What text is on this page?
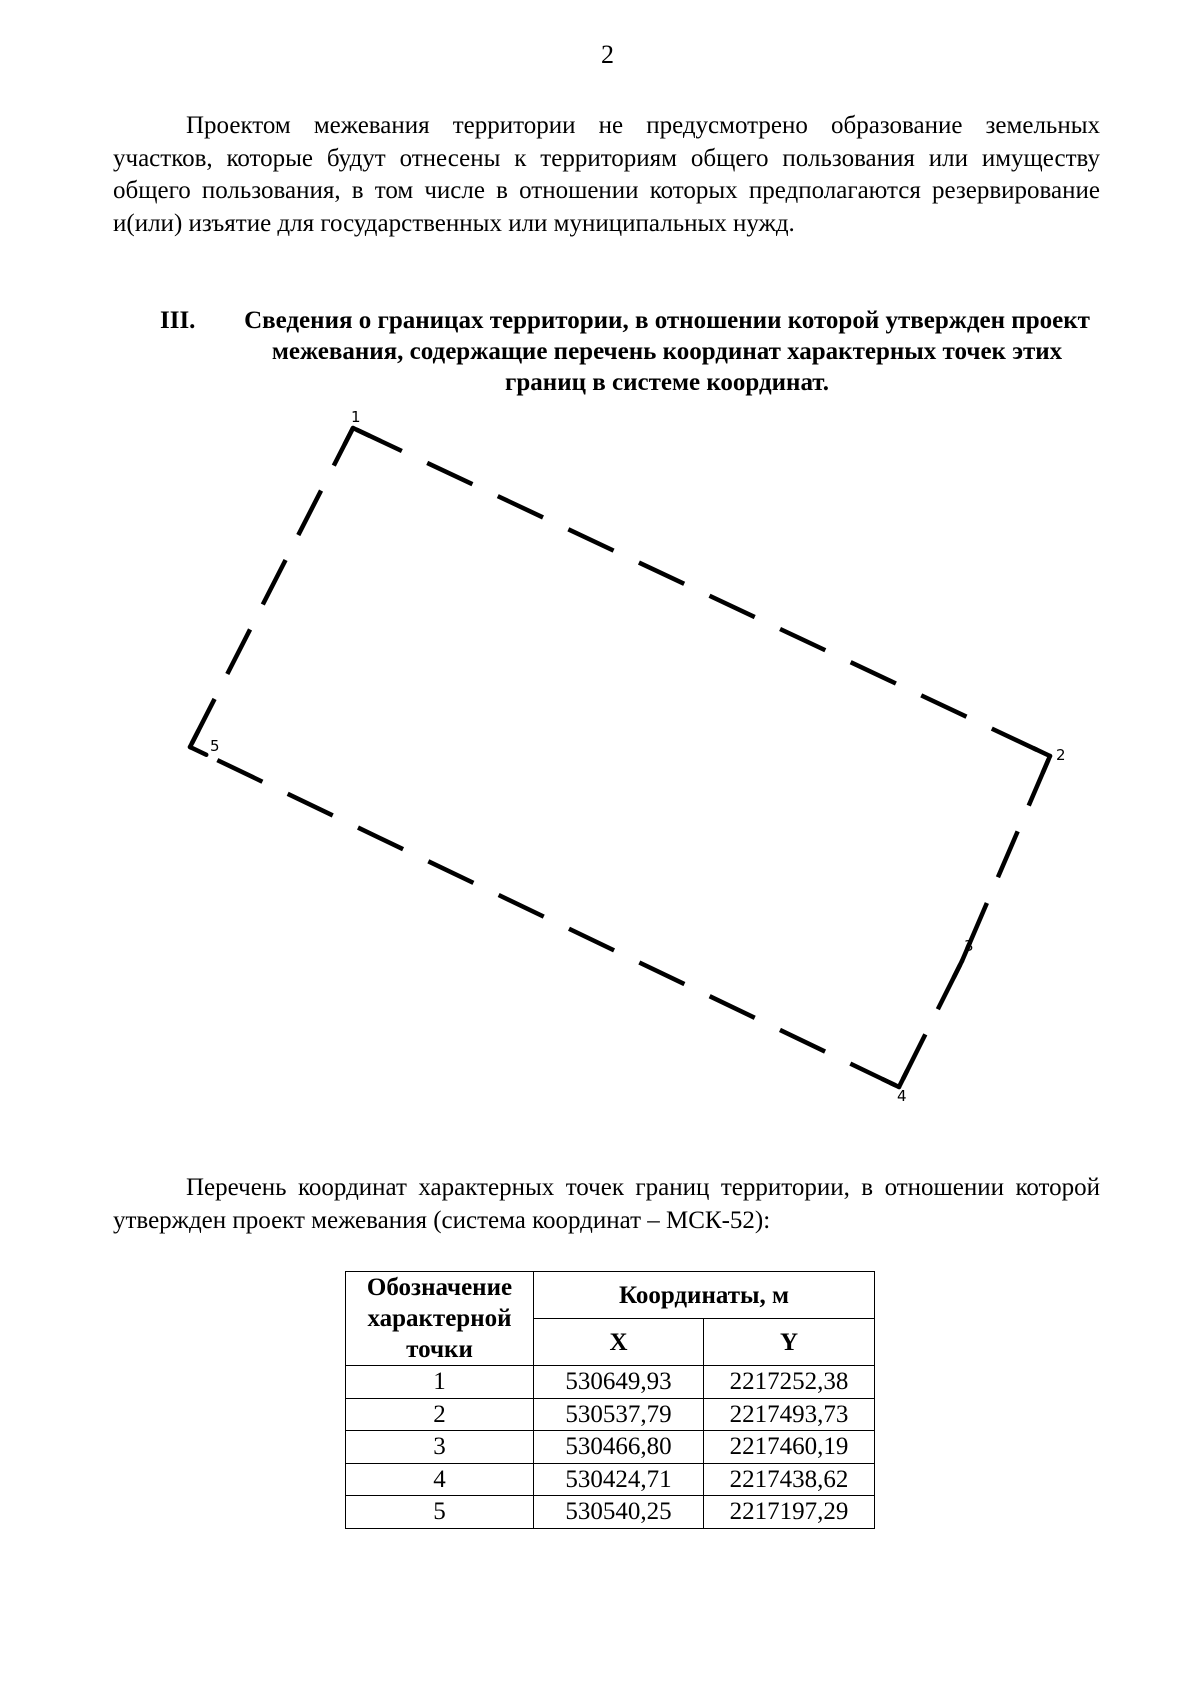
2

Проектом межевания территории не предусмотрено образование земельных участков, которые будут отнесены к территориям общего пользования или имуществу общего пользования, в том числе в отношении которых предполагаются резервирование и(или) изъятие для государственных или муниципальных нужд.

III.	Сведения о границах территории, в отношении которой утвержден проект межевания, содержащие перечень координат характерных точек этих границ в системе координат.
1
2
3
4
5

Перечень координат характерных точек границ территории, в отношении которой утвержден проект межевания (система координат – МСК-52):

Обозначение характерной точки	Координаты, м	
	X	Y
1	530649,93	2217252,38
2	530537,79	2217493,73
3	530466,80	2217460,19
4	530424,71	2217438,62
5	530540,25	2217197,29
